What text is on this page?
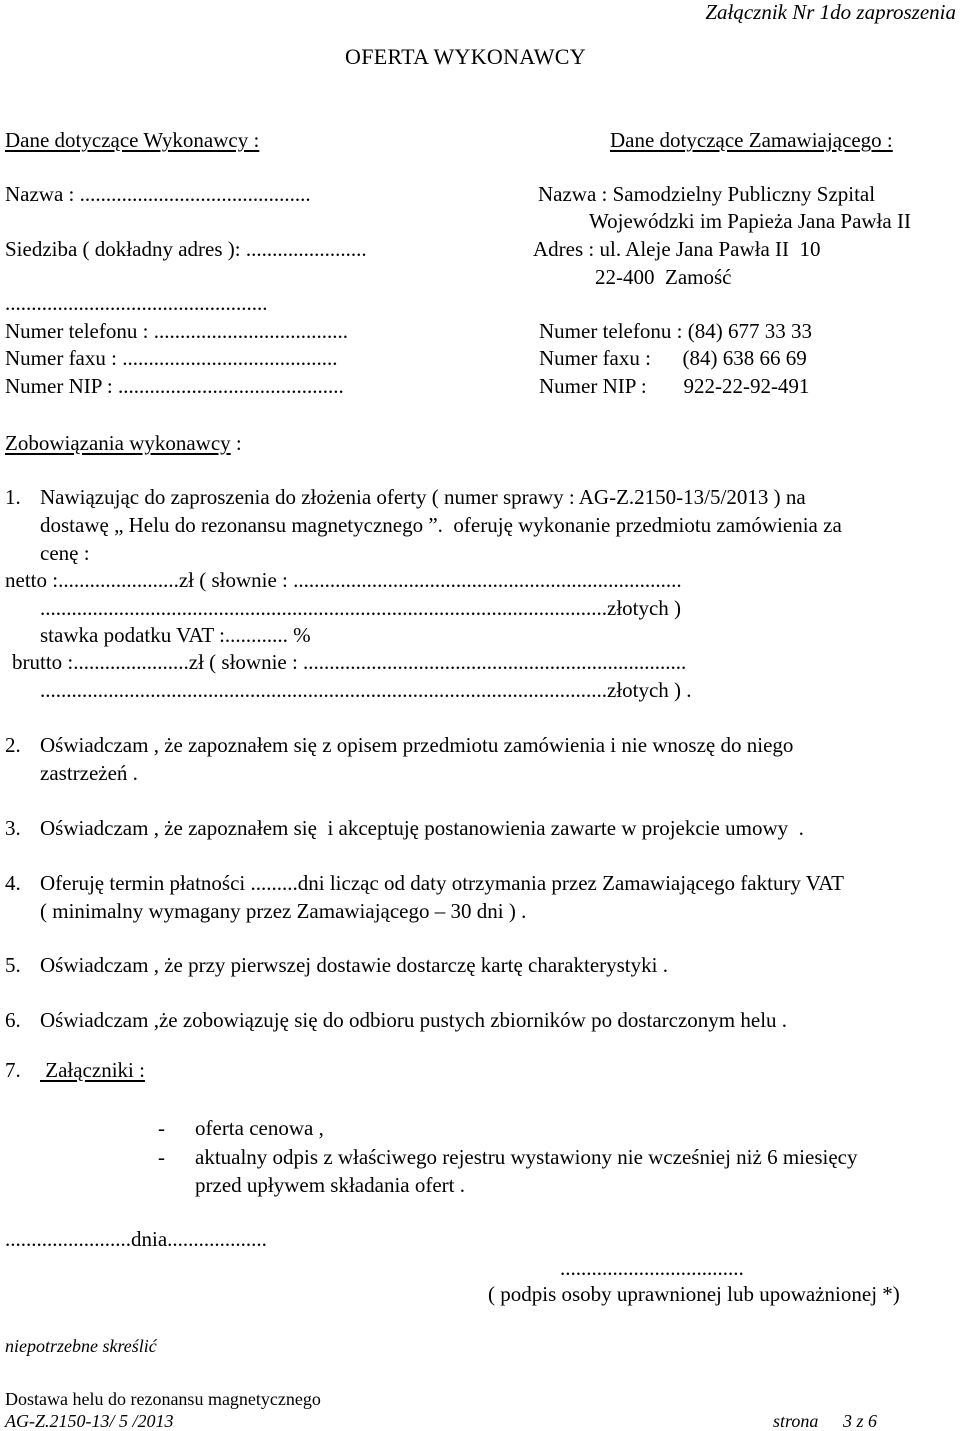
Załącznik Nr 1do zaproszenia
OFERTA WYKONAWCY
Dane dotyczące Wykonawcy :	Dane dotyczące Zamawiającego :
Nazwa : ............................................	Nazwa : Samodzielny Publiczny Szpital
Wojewódzki im Papieża Jana Pawła II
Siedziba ( dokładny adres ): .......................	Adres : ul. Aleje Jana Pawła II  10
22-400  Zamość
..................................................
Numer telefonu : .....................................	Numer telefonu : (84) 677 33 33
Numer faxu : .........................................	Numer faxu :      (84) 638 66 69
Numer NIP : ...........................................	Numer NIP :       922-22-92-491
Zobowiązania wykonawcy :
1. Nawiązując do zaproszenia do złożenia oferty ( numer sprawy : AG-Z.2150-13/5/2013 ) na
dostawę „ Helu do rezonansu magnetycznego ”.  oferuję wykonanie przedmiotu zamówienia za
cenę :
netto :.......................zł ( słownie : ..........................................................................
............................................................................................................złotych )
stawka podatku VAT :............ %
brutto :......................zł ( słownie : .........................................................................
............................................................................................................złotych ) .
2. Oświadczam , że zapoznałem się z opisem przedmiotu zamówienia i nie wnoszę do niego
zastrzeżeń .
3. Oświadczam , że zapoznałem się  i akceptuję postanowienia zawarte w projekcie umowy  .
4. Oferuję termin płatności .........dni licząc od daty otrzymania przez Zamawiającego faktury VAT
( minimalny wymagany przez Zamawiającego – 30 dni ) .
5. Oświadczam , że przy pierwszej dostawie dostarczę kartę charakterystyki .
6. Oświadczam ,że zobowiązuję się do odbioru pustych zbiorników po dostarczonym helu .
7. Załączniki :
- oferta cenowa ,
- aktualny odpis z właściwego rejestru wystawiony nie wcześniej niż 6 miesięcy
przed upływem składania ofert .
........................dnia...................
...................................
( podpis osoby uprawnionej lub upoważnionej *)
niepotrzebne skreślić
Dostawa helu do rezonansu magnetycznego
AG-Z.2150-13/ 5 /2013	strona 3 z 6
